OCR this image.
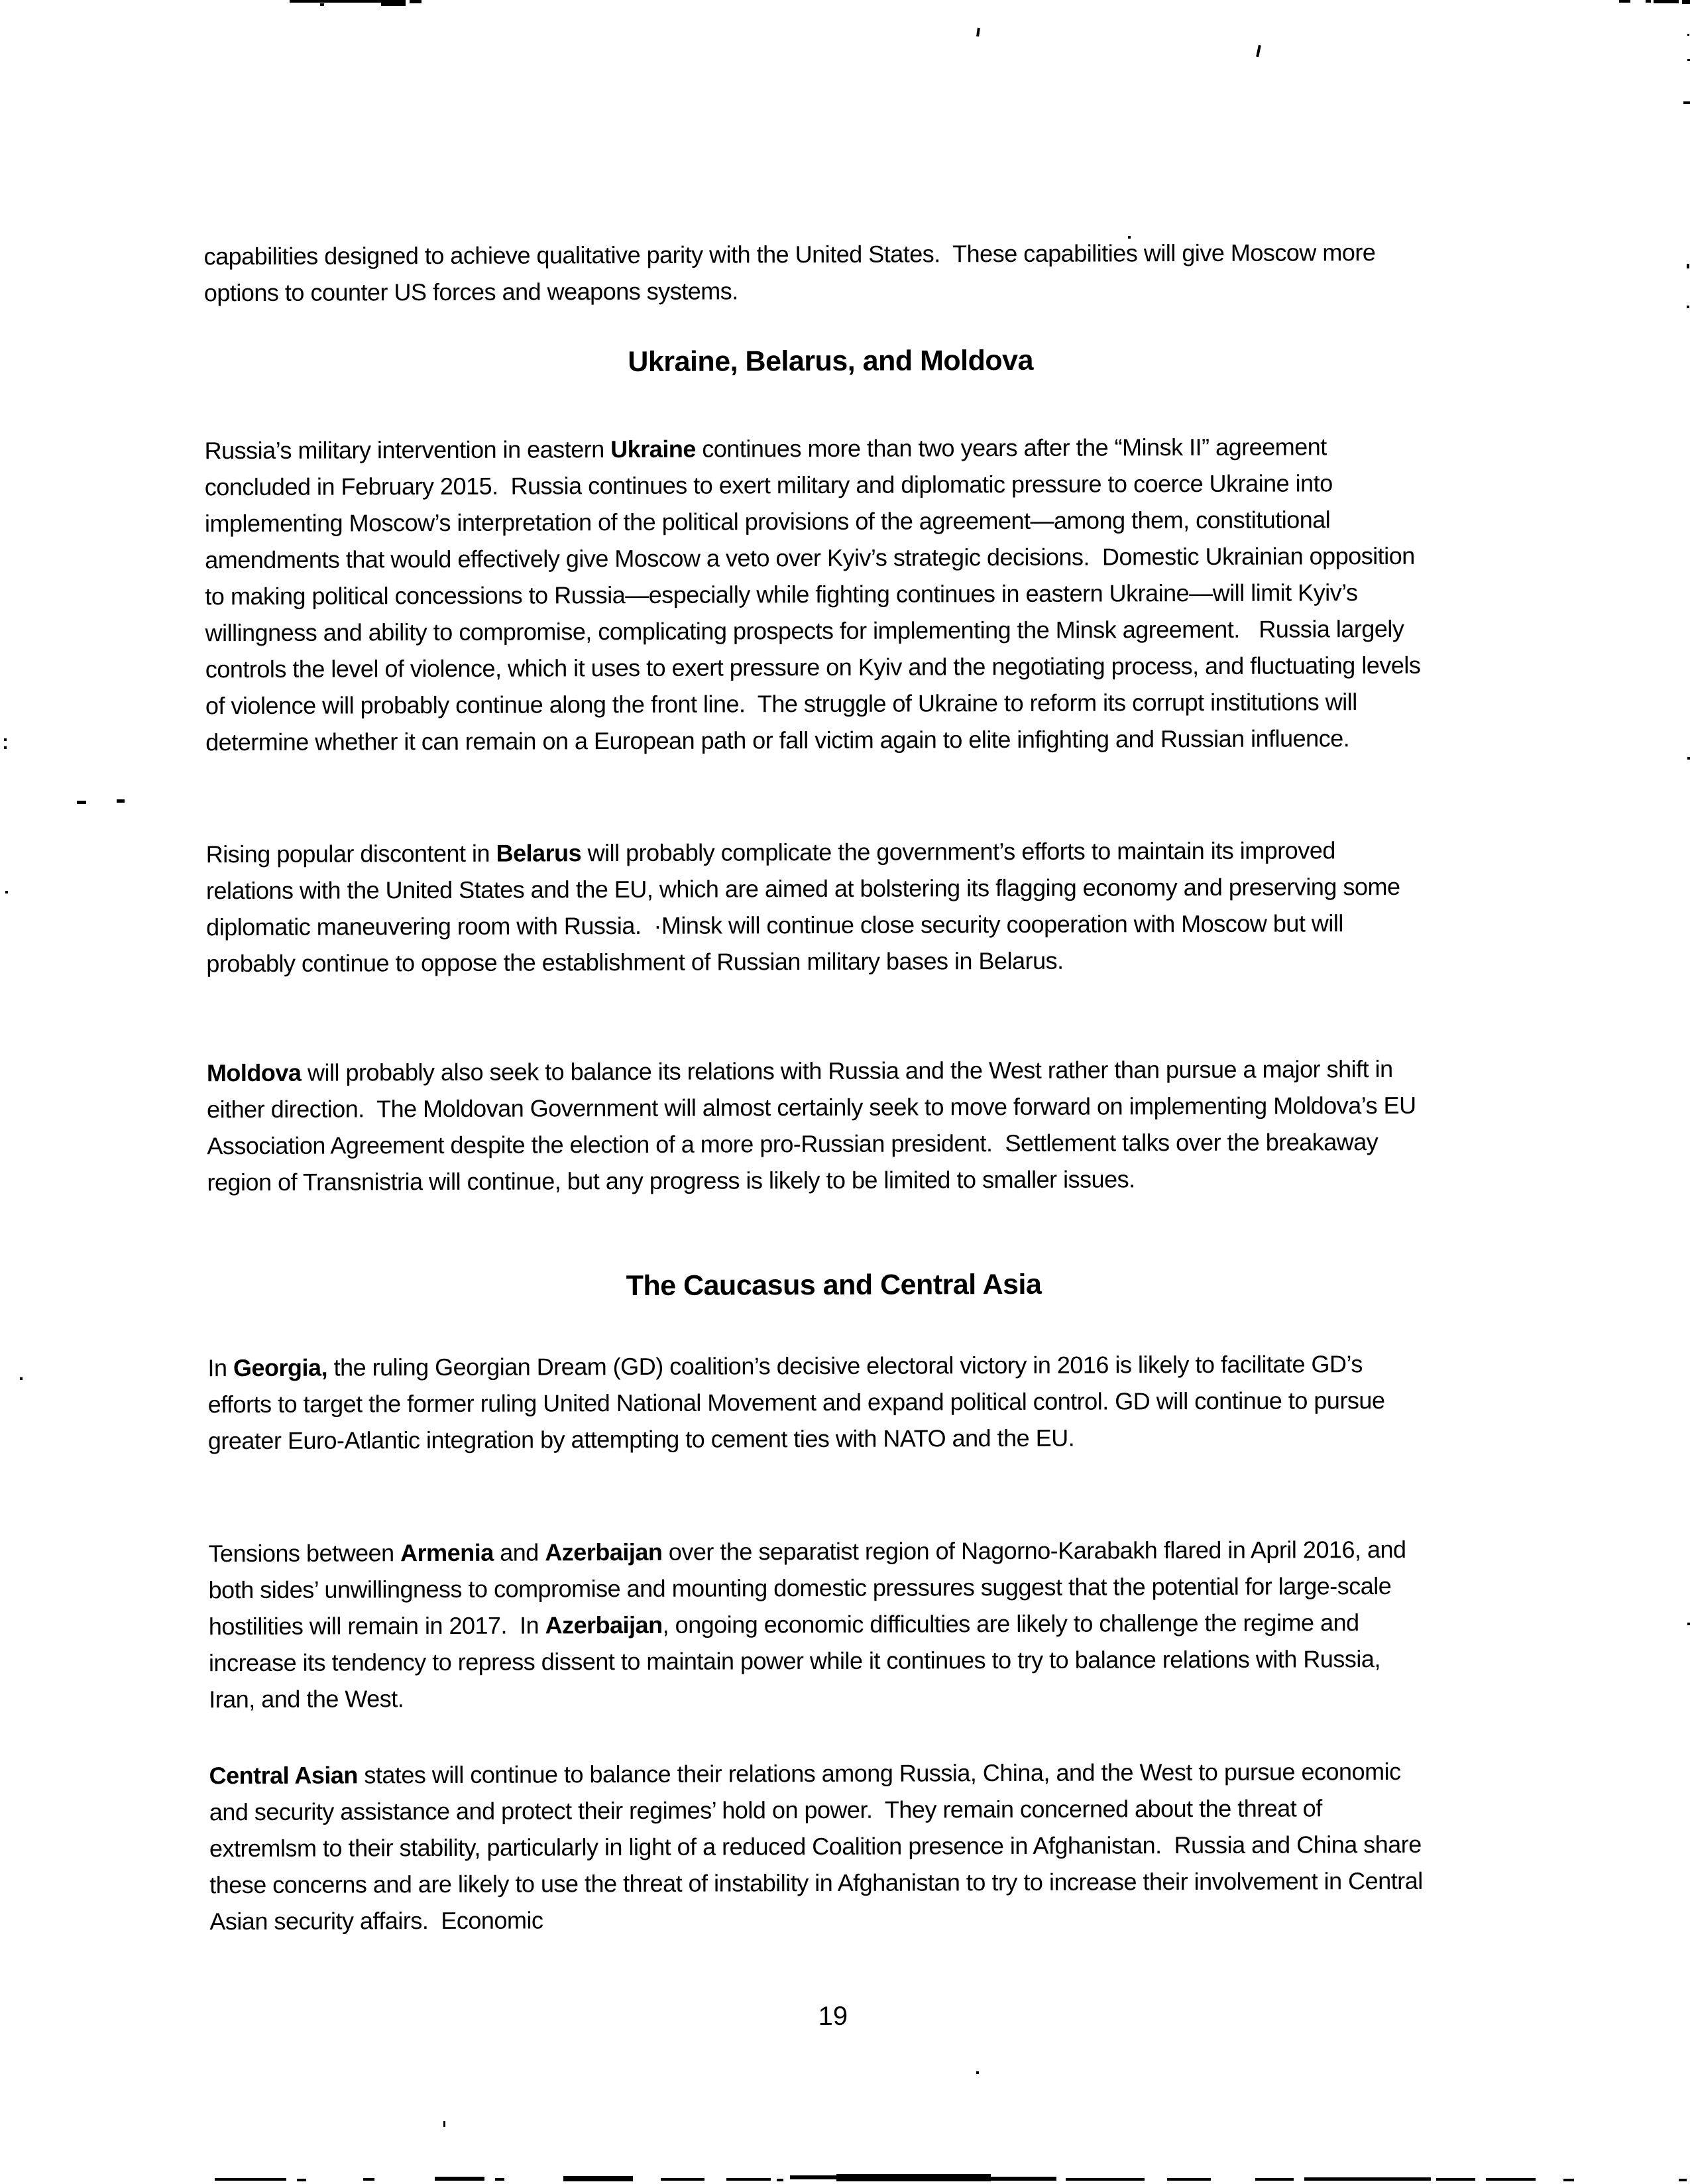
capabilities designed to achieve qualitative parity with the United States.  These capabilities will give Moscow more options to counter US forces and weapons systems.
Ukraine, Belarus, and Moldova
Russia’s military intervention in eastern Ukraine continues more than two years after the “Minsk II” agreement concluded in February 2015.  Russia continues to exert military and diplomatic pressure to coerce Ukraine into implementing Moscow’s interpretation of the political provisions of the agreement—among them, constitutional amendments that would effectively give Moscow a veto over Kyiv’s strategic decisions.  Domestic Ukrainian opposition to making political concessions to Russia—especially while fighting continues in eastern Ukraine—will limit Kyiv’s willingness and ability to compromise, complicating prospects for implementing the Minsk agreement.   Russia largely controls the level of violence, which it uses to exert pressure on Kyiv and the negotiating process, and fluctuating levels of violence will probably continue along the front line.  The struggle of Ukraine to reform its corrupt institutions will determine whether it can remain on a European path or fall victim again to elite infighting and Russian influence.
Rising popular discontent in Belarus will probably complicate the government’s efforts to maintain its improved relations with the United States and the EU, which are aimed at bolstering its flagging economy and preserving some diplomatic maneuvering room with Russia.  ·Minsk will continue close security cooperation with Moscow but will probably continue to oppose the establishment of Russian military bases in Belarus.
Moldova will probably also seek to balance its relations with Russia and the West rather than pursue a major shift in either direction.  The Moldovan Government will almost certainly seek to move forward on implementing Moldova’s EU Association Agreement despite the election of a more pro-Russian president.  Settlement talks over the breakaway region of Transnistria will continue, but any progress is likely to be limited to smaller issues.
The Caucasus and Central Asia
In Georgia, the ruling Georgian Dream (GD) coalition’s decisive electoral victory in 2016 is likely to facilitate GD’s efforts to target the former ruling United National Movement and expand political control. GD will continue to pursue greater Euro-Atlantic integration by attempting to cement ties with NATO and the EU.
Tensions between Armenia and Azerbaijan over the separatist region of Nagorno-Karabakh flared in April 2016, and both sides’ unwillingness to compromise and mounting domestic pressures suggest that the potential for large-scale hostilities will remain in 2017.  In Azerbaijan, ongoing economic difficulties are likely to challenge the regime and increase its tendency to repress dissent to maintain power while it continues to try to balance relations with Russia, Iran, and the West.
Central Asian states will continue to balance their relations among Russia, China, and the West to pursue economic and security assistance and protect their regimes’ hold on power.  They remain concerned about the threat of extremlsm to their stability, particularly in light of a reduced Coalition presence in Afghanistan.  Russia and China share these concerns and are likely to use the threat of instability in Afghanistan to try to increase their involvement in Central Asian security affairs.  Economic
19
